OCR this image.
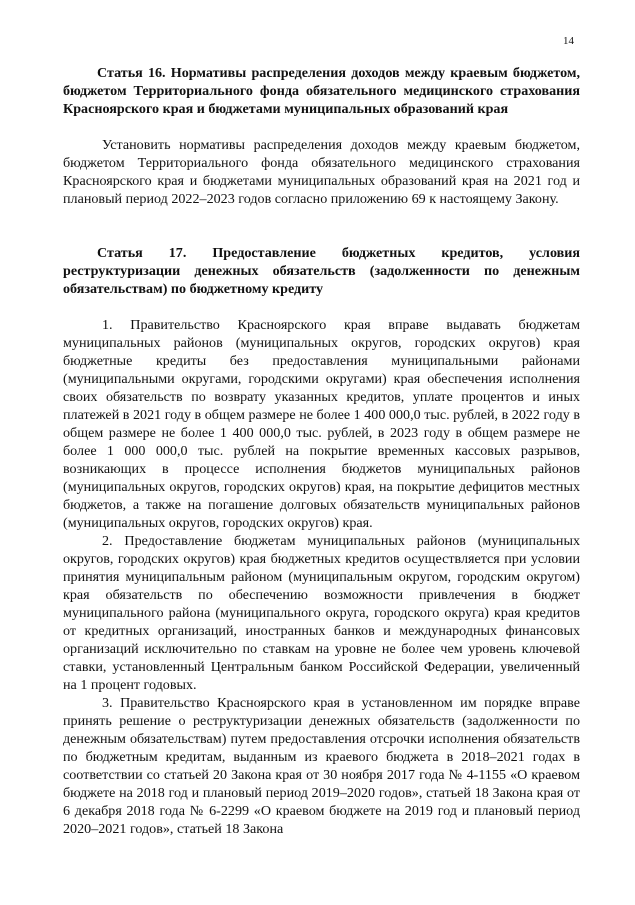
14

Статья 16. Нормативы распределения доходов между краевым бюджетом, бюджетом Территориального фонда обязательного медицинского страхования Красноярского края и бюджетами муниципальных образований края

Установить нормативы распределения доходов между краевым бюджетом, бюджетом Территориального фонда обязательного медицинского страхования Красноярского края и бюджетами муниципальных образований края на 2021 год и плановый период 2022–2023 годов согласно приложению 69 к настоящему Закону.

Статья 17. Предоставление бюджетных кредитов, условия реструктуризации денежных обязательств (задолженности по денежным обязательствам) по бюджетному кредиту

1. Правительство Красноярского края вправе выдавать бюджетам муниципальных районов (муниципальных округов, городских округов) края бюджетные кредиты без предоставления муниципальными районами (муниципальными округами, городскими округами) края обеспечения исполнения своих обязательств по возврату указанных кредитов, уплате процентов и иных платежей в 2021 году в общем размере не более 1 400 000,0 тыс. рублей, в 2022 году в общем размере не более 1 400 000,0 тыс. рублей, в 2023 году в общем размере не более 1 000 000,0 тыс. рублей на покрытие временных кассовых разрывов, возникающих в процессе исполнения бюджетов муниципальных районов (муниципальных округов, городских округов) края, на покрытие дефицитов местных бюджетов, а также на погашение долговых обязательств муниципальных районов (муниципальных округов, городских округов) края.

2. Предоставление бюджетам муниципальных районов (муниципальных округов, городских округов) края бюджетных кредитов осуществляется при условии принятия муниципальным районом (муниципальным округом, городским округом) края обязательств по обеспечению возможности привлечения в бюджет муниципального района (муниципального округа, городского округа) края кредитов от кредитных организаций, иностранных банков и международных финансовых организаций исключительно по ставкам на уровне не более чем уровень ключевой ставки, установленный Центральным банком Российской Федерации, увеличенный на 1 процент годовых.

3. Правительство Красноярского края в установленном им порядке вправе принять решение о реструктуризации денежных обязательств (задолженности по денежным обязательствам) путем предоставления отсрочки исполнения обязательств по бюджетным кредитам, выданным из краевого бюджета в 2018–2021 годах в соответствии со статьей 20 Закона края от 30 ноября 2017 года № 4-1155 «О краевом бюджете на 2018 год и плановый период 2019–2020 годов», статьей 18 Закона края от 6 декабря 2018 года № 6-2299 «О краевом бюджете на 2019 год и плановый период 2020–2021 годов», статьей 18 Закона
